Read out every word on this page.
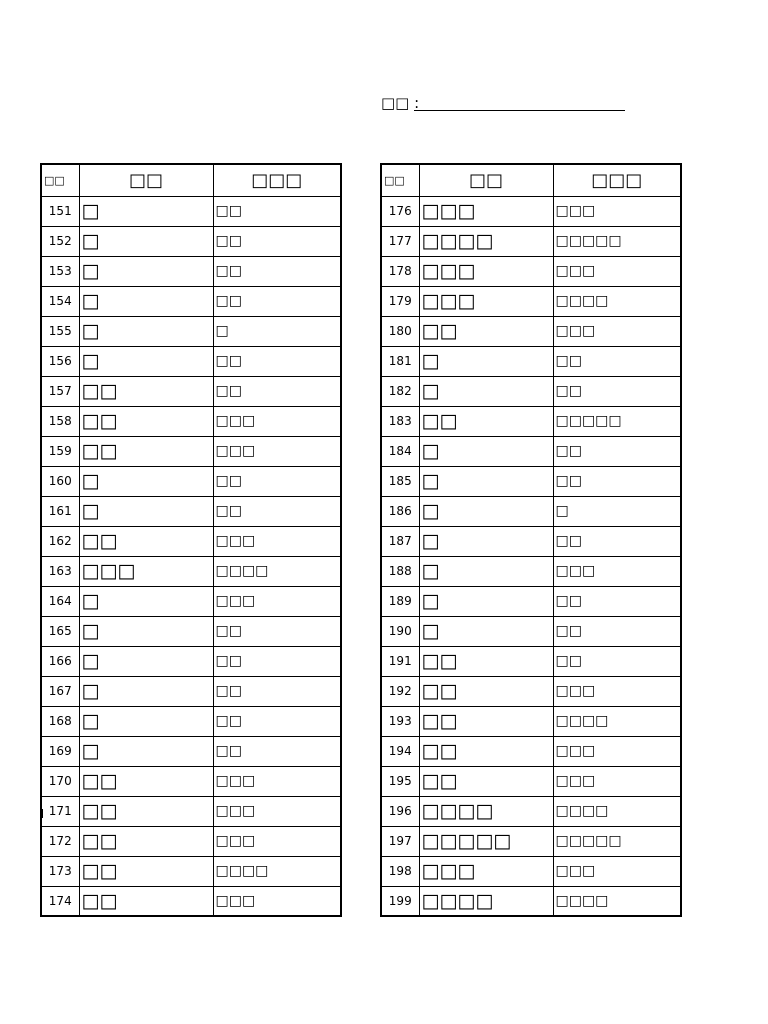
□□ :
□□	□□	□□□
151	□	□□
152	□	□□
153	□	□□
154	□	□□
155	□	□
156	□	□□
157	□□	□□
158	□□	□□□
159	□□	□□□
160	□	□□
161	□	□□
162	□□	□□□
163	□□□	□□□□
164	□	□□□
165	□	□□
166	□	□□
167	□	□□
168	□	□□
169	□	□□
170	□□	□□□
171	□□	□□□
172	□□	□□□
173	□□	□□□□
174	□□	□□□
□□	□□	□□□
176	□□□	□□□
177	□□□□	□□□□□
178	□□□	□□□
179	□□□	□□□□
180	□□	□□□
181	□	□□
182	□	□□
183	□□	□□□□□
184	□	□□
185	□	□□
186	□	□
187	□	□□
188	□	□□□
189	□	□□
190	□	□□
191	□□	□□
192	□□	□□□
193	□□	□□□□
194	□□	□□□
195	□□	□□□
196	□□□□	□□□□
197	□□□□□	□□□□□
198	□□□	□□□
199	□□□□	□□□□
